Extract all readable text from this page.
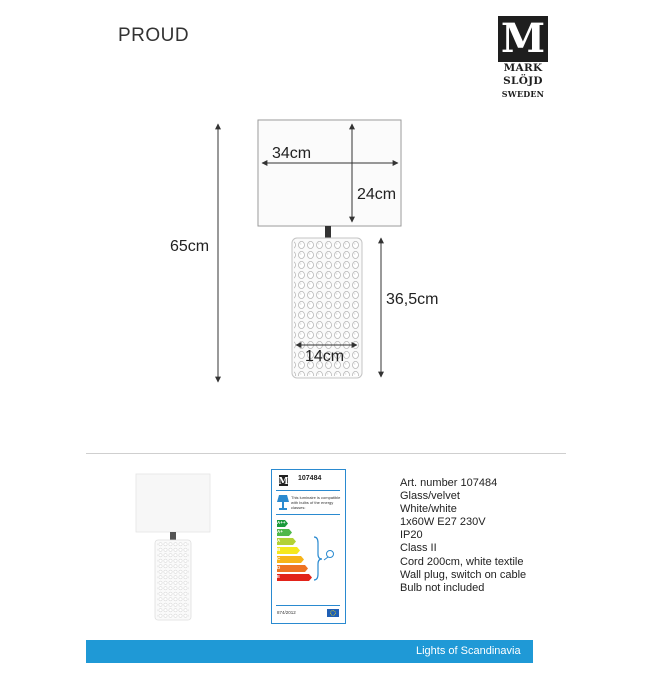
PROUD	M
MARK
SLÖJD
SWEDEN
34cm
24cm
65cm
36,5cm
14cm
M 107484
This luminaire is compatible with bulbs of the energy classes:
A++
A+
A
B
C
D
E
874/2012
Art. number 107484
Glass/velvet
White/white
1x60W E27 230V
IP20
Class II
Cord 200cm, white textile
Wall plug, switch on cable
Bulb not included
Lights of Scandinavia
